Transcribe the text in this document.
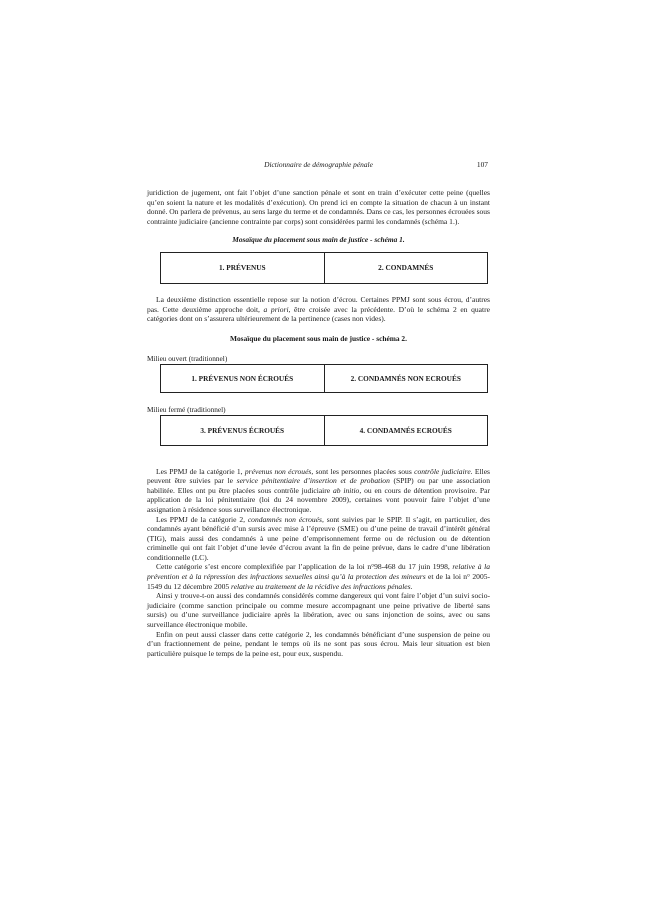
Dictionnaire de démographie pénale	107

juridiction de jugement, ont fait l’objet d’une sanction pénale et sont en train d’exécuter cette peine (quelles qu’en soient la nature et les modalités d’exécution). On prend ici en compte la situation de chacun à un instant donné. On parlera de prévenus, au sens large du terme et de condamnés. Dans ce cas, les personnes écrouées sous contrainte judiciaire (ancienne contrainte par corps) sont considérées parmi les condamnés (schéma 1.).

Mosaïque du placement sous main de justice - schéma 1.

1. PRÉVENUS	2. CONDAMNÉS

La deuxième distinction essentielle repose sur la notion d’écrou. Certaines PPMJ sont sous écrou, d’autres pas. Cette deuxième approche doit, a priori, être croisée avec la précédente. D’où le schéma 2 en quatre catégories dont on s’assurera ultérieurement de la pertinence (cases non vides).

Mosaïque du placement sous main de justice - schéma 2.

Milieu ouvert (traditionnel)

1. PRÉVENUS NON ÉCROUÉS	2. CONDAMNÉS NON ECROUÉS

Milieu fermé (traditionnel)

3. PRÉVENUS ÉCROUÉS	4. CONDAMNÉS ECROUÉS

Les PPMJ de la catégorie 1, prévenus non écroués, sont les personnes placées sous contrôle judiciaire. Elles peuvent être suivies par le service pénitentiaire d’insertion et de probation (SPIP) ou par une association habilitée. Elles ont pu être placées sous contrôle judiciaire ab initio, ou en cours de détention provisoire. Par application de la loi pénitentiaire (loi du 24 novembre 2009), certaines vont pouvoir faire l’objet d’une assignation à résidence sous surveillance électronique.

Les PPMJ de la catégorie 2, condamnés non écroués, sont suivies par le SPIP. Il s’agit, en particulier, des condamnés ayant bénéficié d’un sursis avec mise à l’épreuve (SME) ou d’une peine de travail d’intérêt général (TIG), mais aussi des condamnés à une peine d’emprisonnement ferme ou de réclusion ou de détention criminelle qui ont fait l’objet d’une levée d’écrou avant la fin de peine prévue, dans le cadre d’une libération conditionnelle (LC).

Cette catégorie s’est encore complexifiée par l’application de la loi n°98-468 du 17 juin 1998, relative à la prévention et à la répression des infractions sexuelles ainsi qu’à la protection des mineurs et de la loi n° 2005-1549 du 12 décembre 2005 relative au traitement de la récidive des infractions pénales.

Ainsi y trouve-t-on aussi des condamnés considérés comme dangereux qui vont faire l’objet d’un suivi socio-judiciaire (comme sanction principale ou comme mesure accompagnant une peine privative de liberté sans sursis) ou d’une surveillance judiciaire après la libération, avec ou sans injonction de soins, avec ou sans surveillance électronique mobile.

Enfin on peut aussi classer dans cette catégorie 2, les condamnés bénéficiant d’une suspension de peine ou d’un fractionnement de peine, pendant le temps où ils ne sont pas sous écrou. Mais leur situation est bien particulière puisque le temps de la peine est, pour eux, suspendu.
